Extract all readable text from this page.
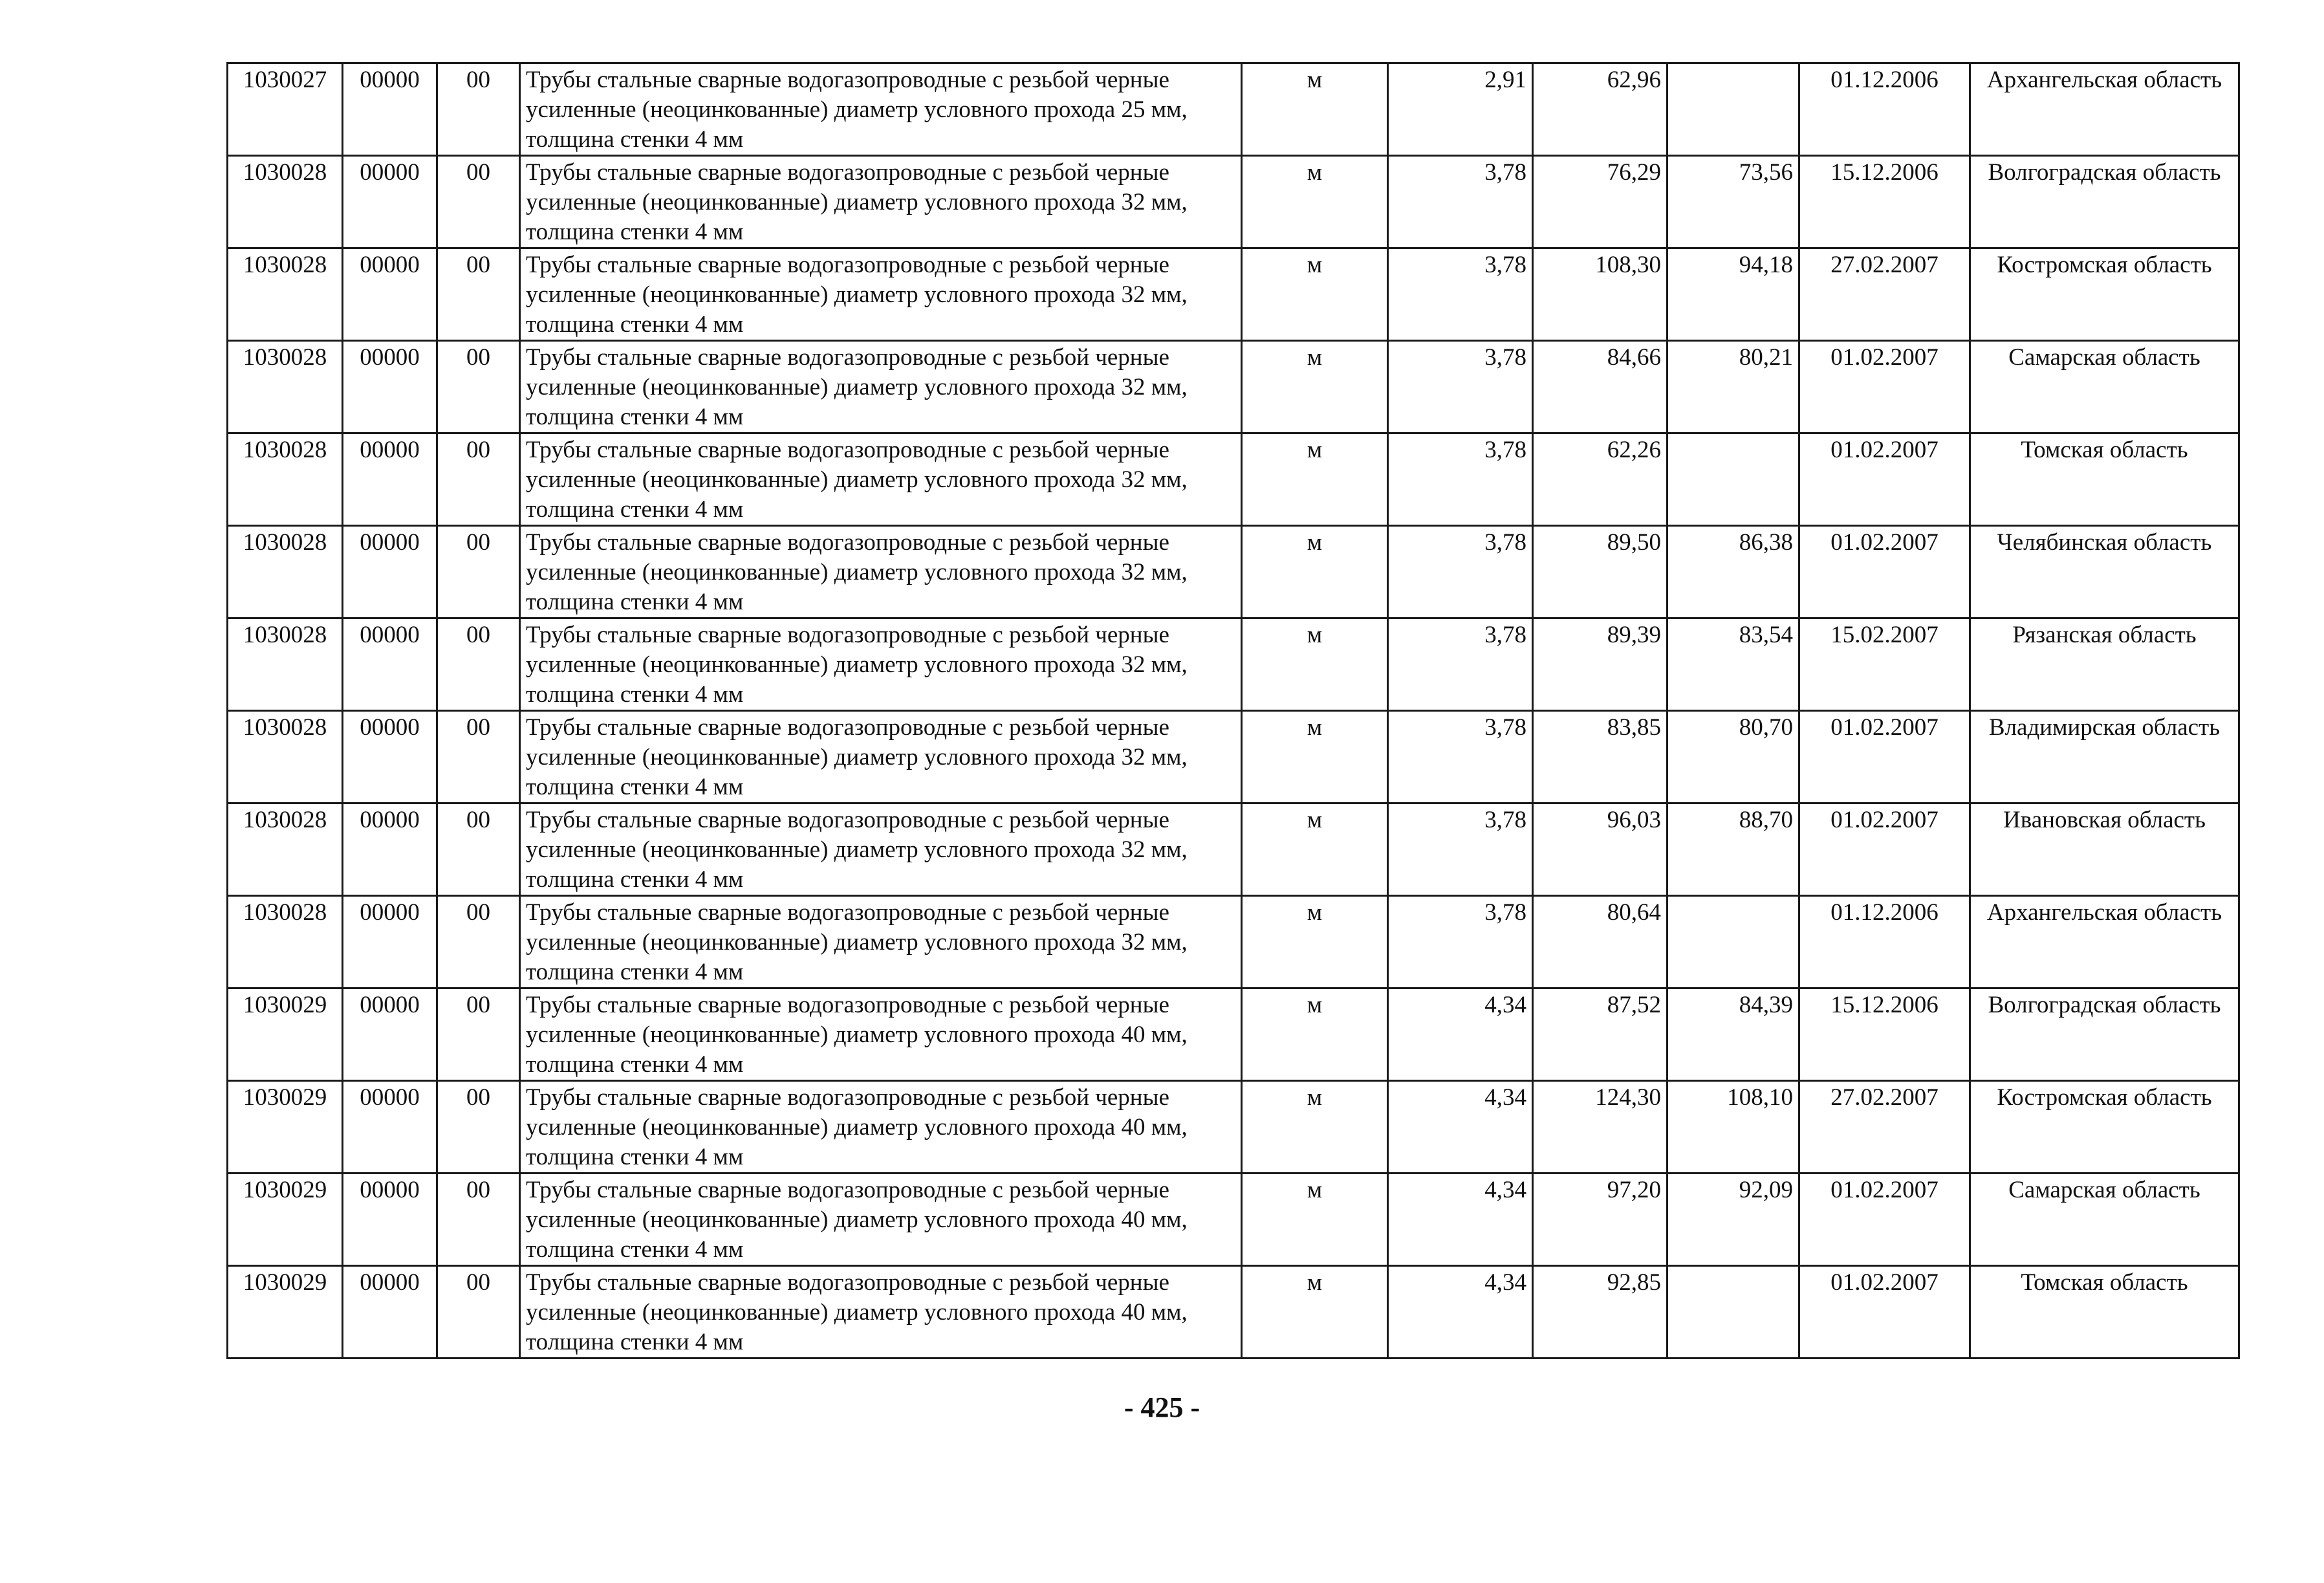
1030027	00000	00	Трубы стальные сварные водогазопроводные с резьбой черные усиленные (неоцинкованные) диаметр условного прохода 25 мм, толщина стенки 4 мм	м	2,91	62,96		01.12.2006	Архангельская область
1030028	00000	00	Трубы стальные сварные водогазопроводные с резьбой черные усиленные (неоцинкованные) диаметр условного прохода 32 мм, толщина стенки 4 мм	м	3,78	76,29	73,56	15.12.2006	Волгоградская область
1030028	00000	00	Трубы стальные сварные водогазопроводные с резьбой черные усиленные (неоцинкованные) диаметр условного прохода 32 мм, толщина стенки 4 мм	м	3,78	108,30	94,18	27.02.2007	Костромская область
1030028	00000	00	Трубы стальные сварные водогазопроводные с резьбой черные усиленные (неоцинкованные) диаметр условного прохода 32 мм, толщина стенки 4 мм	м	3,78	84,66	80,21	01.02.2007	Самарская область
1030028	00000	00	Трубы стальные сварные водогазопроводные с резьбой черные усиленные (неоцинкованные) диаметр условного прохода 32 мм, толщина стенки 4 мм	м	3,78	62,26		01.02.2007	Томская область
1030028	00000	00	Трубы стальные сварные водогазопроводные с резьбой черные усиленные (неоцинкованные) диаметр условного прохода 32 мм, толщина стенки 4 мм	м	3,78	89,50	86,38	01.02.2007	Челябинская область
1030028	00000	00	Трубы стальные сварные водогазопроводные с резьбой черные усиленные (неоцинкованные) диаметр условного прохода 32 мм, толщина стенки 4 мм	м	3,78	89,39	83,54	15.02.2007	Рязанская область
1030028	00000	00	Трубы стальные сварные водогазопроводные с резьбой черные усиленные (неоцинкованные) диаметр условного прохода 32 мм, толщина стенки 4 мм	м	3,78	83,85	80,70	01.02.2007	Владимирская область
1030028	00000	00	Трубы стальные сварные водогазопроводные с резьбой черные усиленные (неоцинкованные) диаметр условного прохода 32 мм, толщина стенки 4 мм	м	3,78	96,03	88,70	01.02.2007	Ивановская область
1030028	00000	00	Трубы стальные сварные водогазопроводные с резьбой черные усиленные (неоцинкованные) диаметр условного прохода 32 мм, толщина стенки 4 мм	м	3,78	80,64		01.12.2006	Архангельская область
1030029	00000	00	Трубы стальные сварные водогазопроводные с резьбой черные усиленные (неоцинкованные) диаметр условного прохода 40 мм, толщина стенки 4 мм	м	4,34	87,52	84,39	15.12.2006	Волгоградская область
1030029	00000	00	Трубы стальные сварные водогазопроводные с резьбой черные усиленные (неоцинкованные) диаметр условного прохода 40 мм, толщина стенки 4 мм	м	4,34	124,30	108,10	27.02.2007	Костромская область
1030029	00000	00	Трубы стальные сварные водогазопроводные с резьбой черные усиленные (неоцинкованные) диаметр условного прохода 40 мм, толщина стенки 4 мм	м	4,34	97,20	92,09	01.02.2007	Самарская область
1030029	00000	00	Трубы стальные сварные водогазопроводные с резьбой черные усиленные (неоцинкованные) диаметр условного прохода 40 мм, толщина стенки 4 мм	м	4,34	92,85		01.02.2007	Томская область
- 425 -
